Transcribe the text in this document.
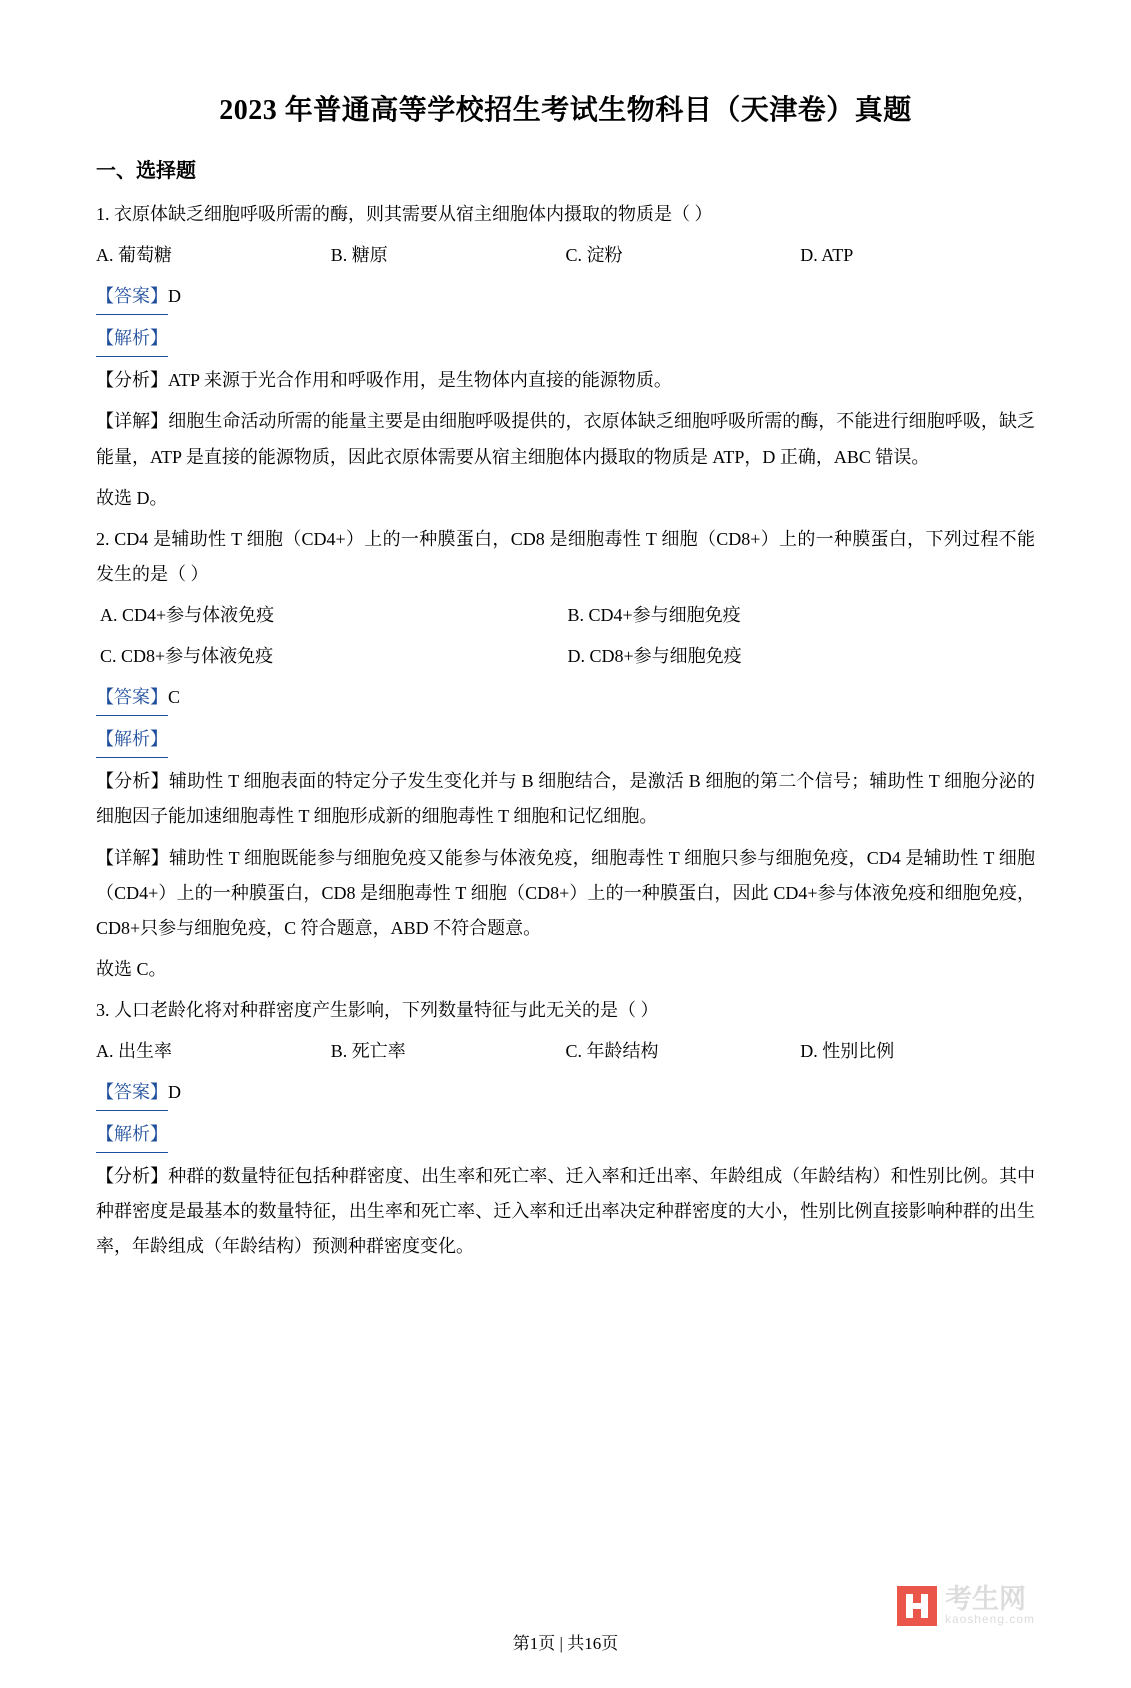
2023 年普通高等学校招生考试生物科目（天津卷）真题
一、选择题
1. 衣原体缺乏细胞呼吸所需的酶，则其需要从宿主细胞体内摄取的物质是（ ）
A. 葡萄糖	B. 糖原	C. 淀粉	D. ATP
【答案】D
【解析】
【分析】ATP 来源于光合作用和呼吸作用，是生物体内直接的能源物质。
【详解】细胞生命活动所需的能量主要是由细胞呼吸提供的，衣原体缺乏细胞呼吸所需的酶，不能进行细胞呼吸，缺乏能量，ATP 是直接的能源物质，因此衣原体需要从宿主细胞体内摄取的物质是 ATP，D 正确，ABC 错误。
故选 D。
2. CD4 是辅助性 T 细胞（CD4+）上的一种膜蛋白，CD8 是细胞毒性 T 细胞（CD8+）上的一种膜蛋白，下列过程不能发生的是（ ）
A. CD4+参与体液免疫	B. CD4+参与细胞免疫
C. CD8+参与体液免疫	D. CD8+参与细胞免疫
【答案】C
【解析】
【分析】辅助性 T 细胞表面的特定分子发生变化并与 B 细胞结合，是激活 B 细胞的第二个信号；辅助性 T 细胞分泌的细胞因子能加速细胞毒性 T 细胞形成新的细胞毒性 T 细胞和记忆细胞。
【详解】辅助性 T 细胞既能参与细胞免疫又能参与体液免疫，细胞毒性 T 细胞只参与细胞免疫，CD4 是辅助性 T 细胞（CD4+）上的一种膜蛋白，CD8 是细胞毒性 T 细胞（CD8+）上的一种膜蛋白，因此 CD4+参与体液免疫和细胞免疫，CD8+只参与细胞免疫，C 符合题意，ABD 不符合题意。
故选 C。
3. 人口老龄化将对种群密度产生影响，下列数量特征与此无关的是（ ）
A. 出生率	B. 死亡率	C. 年龄结构	D. 性别比例
【答案】D
【解析】
【分析】种群的数量特征包括种群密度、出生率和死亡率、迁入率和迁出率、年龄组成（年龄结构）和性别比例。其中种群密度是最基本的数量特征，出生率和死亡率、迁入率和迁出率决定种群密度的大小，性别比例直接影响种群的出生率，年龄组成（年龄结构）预测种群密度变化。
考生网
kaosheng.com
第1页 | 共16页
